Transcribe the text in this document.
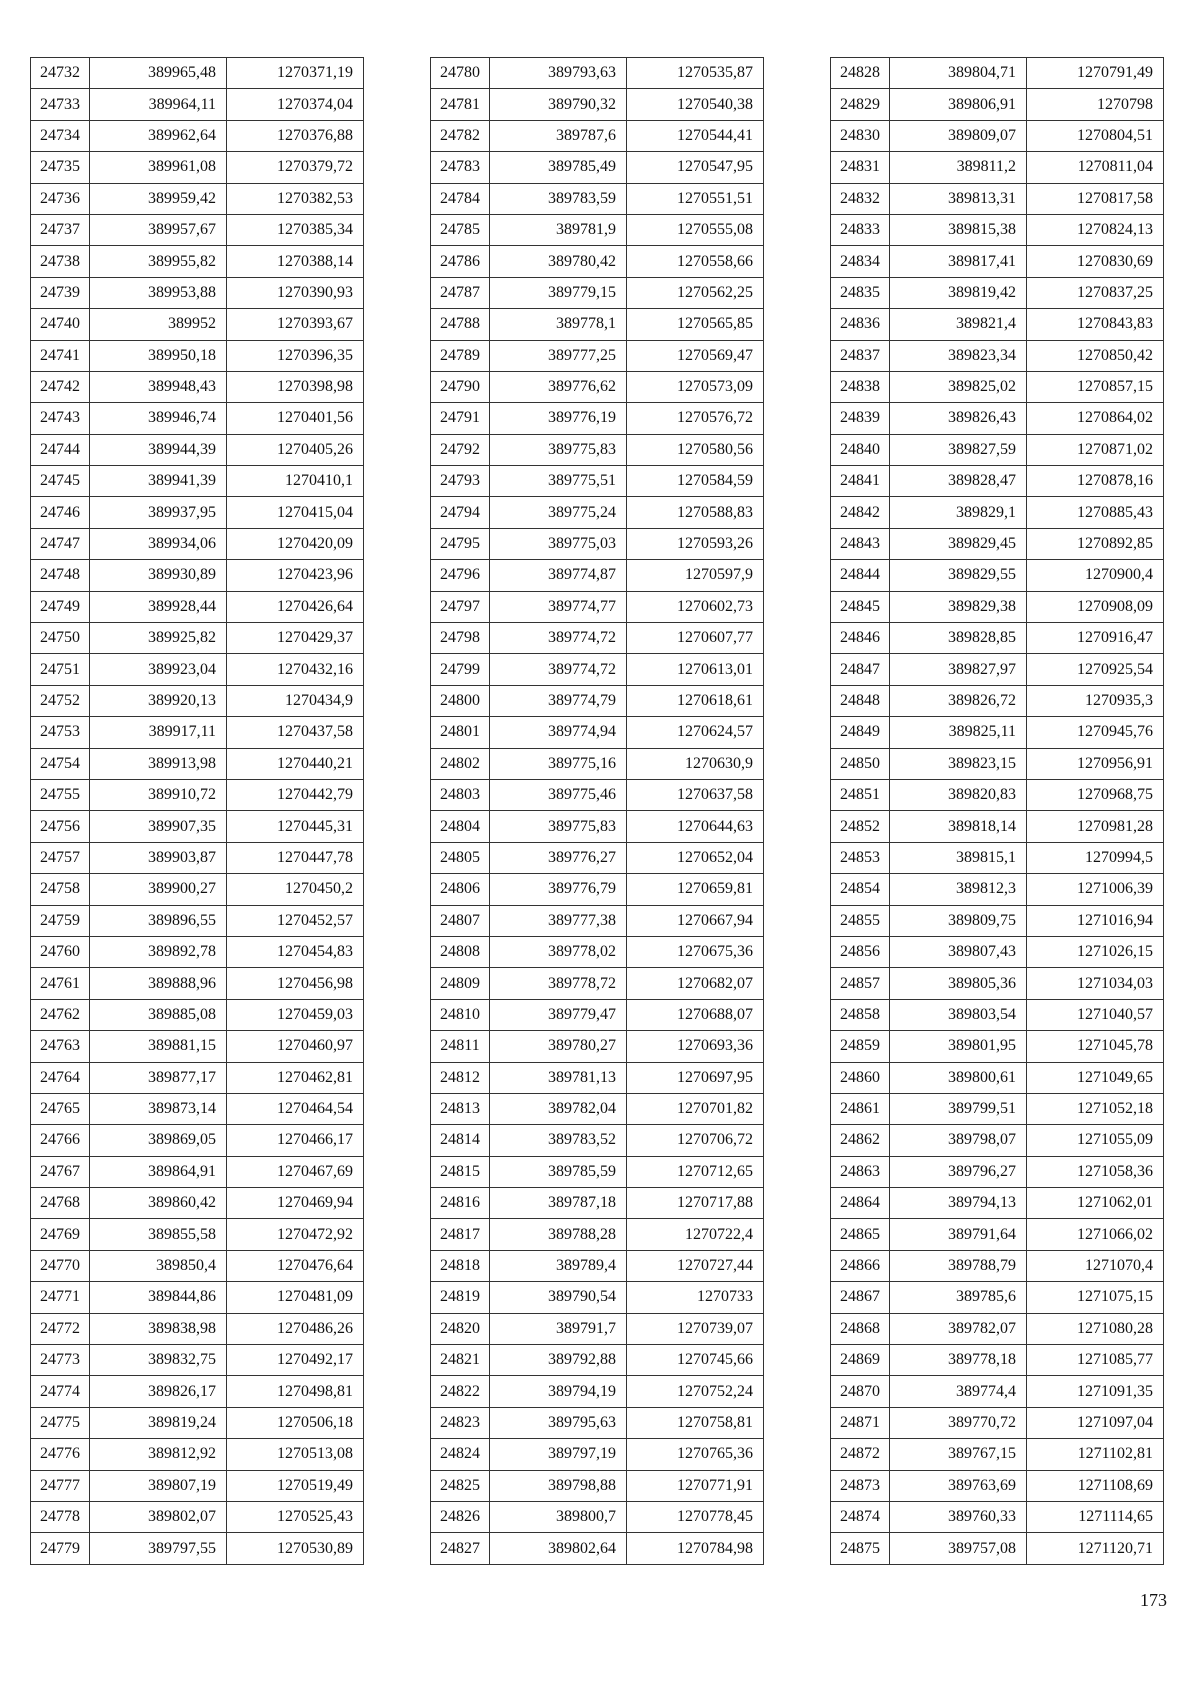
24732	389965,48	1270371,19
24733	389964,11	1270374,04
24734	389962,64	1270376,88
24735	389961,08	1270379,72
24736	389959,42	1270382,53
24737	389957,67	1270385,34
24738	389955,82	1270388,14
24739	389953,88	1270390,93
24740	389952	1270393,67
24741	389950,18	1270396,35
24742	389948,43	1270398,98
24743	389946,74	1270401,56
24744	389944,39	1270405,26
24745	389941,39	1270410,1
24746	389937,95	1270415,04
24747	389934,06	1270420,09
24748	389930,89	1270423,96
24749	389928,44	1270426,64
24750	389925,82	1270429,37
24751	389923,04	1270432,16
24752	389920,13	1270434,9
24753	389917,11	1270437,58
24754	389913,98	1270440,21
24755	389910,72	1270442,79
24756	389907,35	1270445,31
24757	389903,87	1270447,78
24758	389900,27	1270450,2
24759	389896,55	1270452,57
24760	389892,78	1270454,83
24761	389888,96	1270456,98
24762	389885,08	1270459,03
24763	389881,15	1270460,97
24764	389877,17	1270462,81
24765	389873,14	1270464,54
24766	389869,05	1270466,17
24767	389864,91	1270467,69
24768	389860,42	1270469,94
24769	389855,58	1270472,92
24770	389850,4	1270476,64
24771	389844,86	1270481,09
24772	389838,98	1270486,26
24773	389832,75	1270492,17
24774	389826,17	1270498,81
24775	389819,24	1270506,18
24776	389812,92	1270513,08
24777	389807,19	1270519,49
24778	389802,07	1270525,43
24779	389797,55	1270530,89
24780	389793,63	1270535,87
24781	389790,32	1270540,38
24782	389787,6	1270544,41
24783	389785,49	1270547,95
24784	389783,59	1270551,51
24785	389781,9	1270555,08
24786	389780,42	1270558,66
24787	389779,15	1270562,25
24788	389778,1	1270565,85
24789	389777,25	1270569,47
24790	389776,62	1270573,09
24791	389776,19	1270576,72
24792	389775,83	1270580,56
24793	389775,51	1270584,59
24794	389775,24	1270588,83
24795	389775,03	1270593,26
24796	389774,87	1270597,9
24797	389774,77	1270602,73
24798	389774,72	1270607,77
24799	389774,72	1270613,01
24800	389774,79	1270618,61
24801	389774,94	1270624,57
24802	389775,16	1270630,9
24803	389775,46	1270637,58
24804	389775,83	1270644,63
24805	389776,27	1270652,04
24806	389776,79	1270659,81
24807	389777,38	1270667,94
24808	389778,02	1270675,36
24809	389778,72	1270682,07
24810	389779,47	1270688,07
24811	389780,27	1270693,36
24812	389781,13	1270697,95
24813	389782,04	1270701,82
24814	389783,52	1270706,72
24815	389785,59	1270712,65
24816	389787,18	1270717,88
24817	389788,28	1270722,4
24818	389789,4	1270727,44
24819	389790,54	1270733
24820	389791,7	1270739,07
24821	389792,88	1270745,66
24822	389794,19	1270752,24
24823	389795,63	1270758,81
24824	389797,19	1270765,36
24825	389798,88	1270771,91
24826	389800,7	1270778,45
24827	389802,64	1270784,98
24828	389804,71	1270791,49
24829	389806,91	1270798
24830	389809,07	1270804,51
24831	389811,2	1270811,04
24832	389813,31	1270817,58
24833	389815,38	1270824,13
24834	389817,41	1270830,69
24835	389819,42	1270837,25
24836	389821,4	1270843,83
24837	389823,34	1270850,42
24838	389825,02	1270857,15
24839	389826,43	1270864,02
24840	389827,59	1270871,02
24841	389828,47	1270878,16
24842	389829,1	1270885,43
24843	389829,45	1270892,85
24844	389829,55	1270900,4
24845	389829,38	1270908,09
24846	389828,85	1270916,47
24847	389827,97	1270925,54
24848	389826,72	1270935,3
24849	389825,11	1270945,76
24850	389823,15	1270956,91
24851	389820,83	1270968,75
24852	389818,14	1270981,28
24853	389815,1	1270994,5
24854	389812,3	1271006,39
24855	389809,75	1271016,94
24856	389807,43	1271026,15
24857	389805,36	1271034,03
24858	389803,54	1271040,57
24859	389801,95	1271045,78
24860	389800,61	1271049,65
24861	389799,51	1271052,18
24862	389798,07	1271055,09
24863	389796,27	1271058,36
24864	389794,13	1271062,01
24865	389791,64	1271066,02
24866	389788,79	1271070,4
24867	389785,6	1271075,15
24868	389782,07	1271080,28
24869	389778,18	1271085,77
24870	389774,4	1271091,35
24871	389770,72	1271097,04
24872	389767,15	1271102,81
24873	389763,69	1271108,69
24874	389760,33	1271114,65
24875	389757,08	1271120,71
173
